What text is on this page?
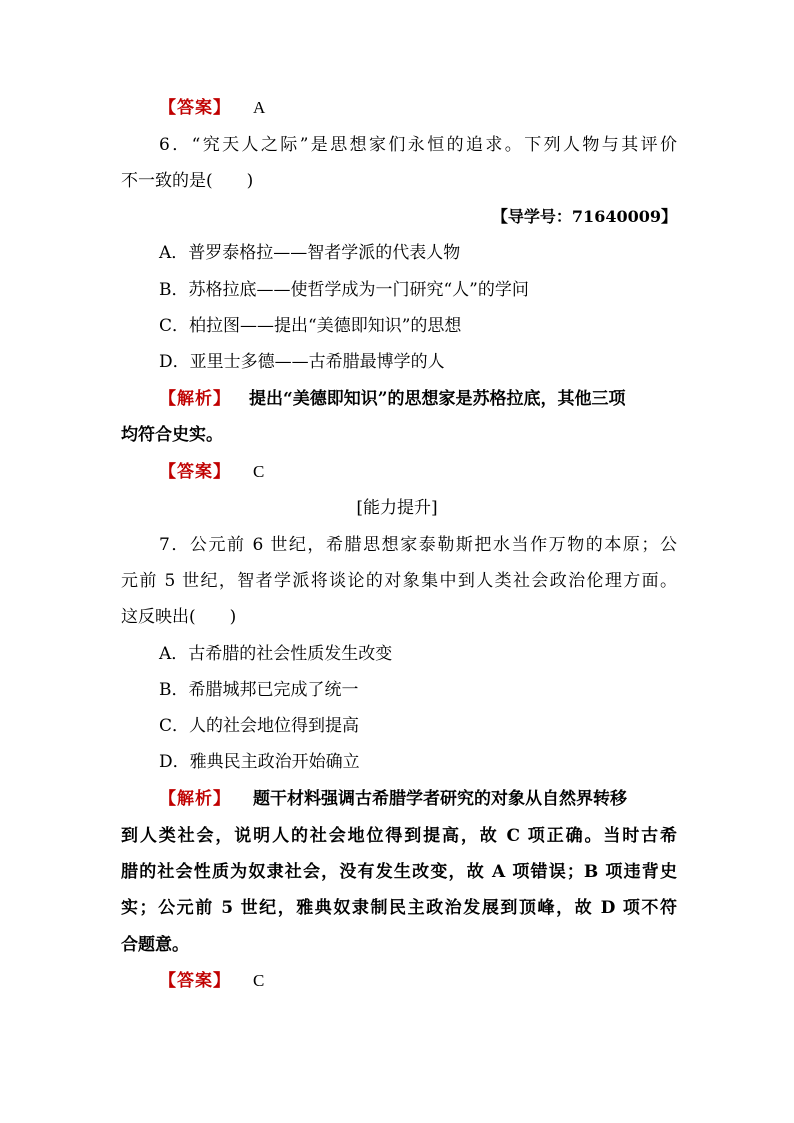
【答案】 A
6．“究天人之际”是思想家们永恒的追求。下列人物与其评价
不一致的是(　　)
【导学号：71640009】
A．普罗泰格拉——智者学派的代表人物
B．苏格拉底——使哲学成为一门研究“人”的学问
C．柏拉图——提出“美德即知识”的思想
D．亚里士多德——古希腊最博学的人
【解析】 提出“美德即知识”的思想家是苏格拉底，其他三项
均符合史实。
【答案】 C
[能力提升]
7．公元前 6 世纪，希腊思想家泰勒斯把水当作万物的本原；公
元前 5 世纪，智者学派将谈论的对象集中到人类社会政治伦理方面。
这反映出(　　)
A．古希腊的社会性质发生改变
B．希腊城邦已完成了统一
C．人的社会地位得到提高
D．雅典民主政治开始确立
【解析】 题干材料强调古希腊学者研究的对象从自然界转移
到人类社会，说明人的社会地位得到提高，故 C 项正确。当时古希
腊的社会性质为奴隶社会，没有发生改变，故 A 项错误；B 项违背史
实；公元前 5 世纪，雅典奴隶制民主政治发展到顶峰，故 D 项不符
合题意。
【答案】 C
